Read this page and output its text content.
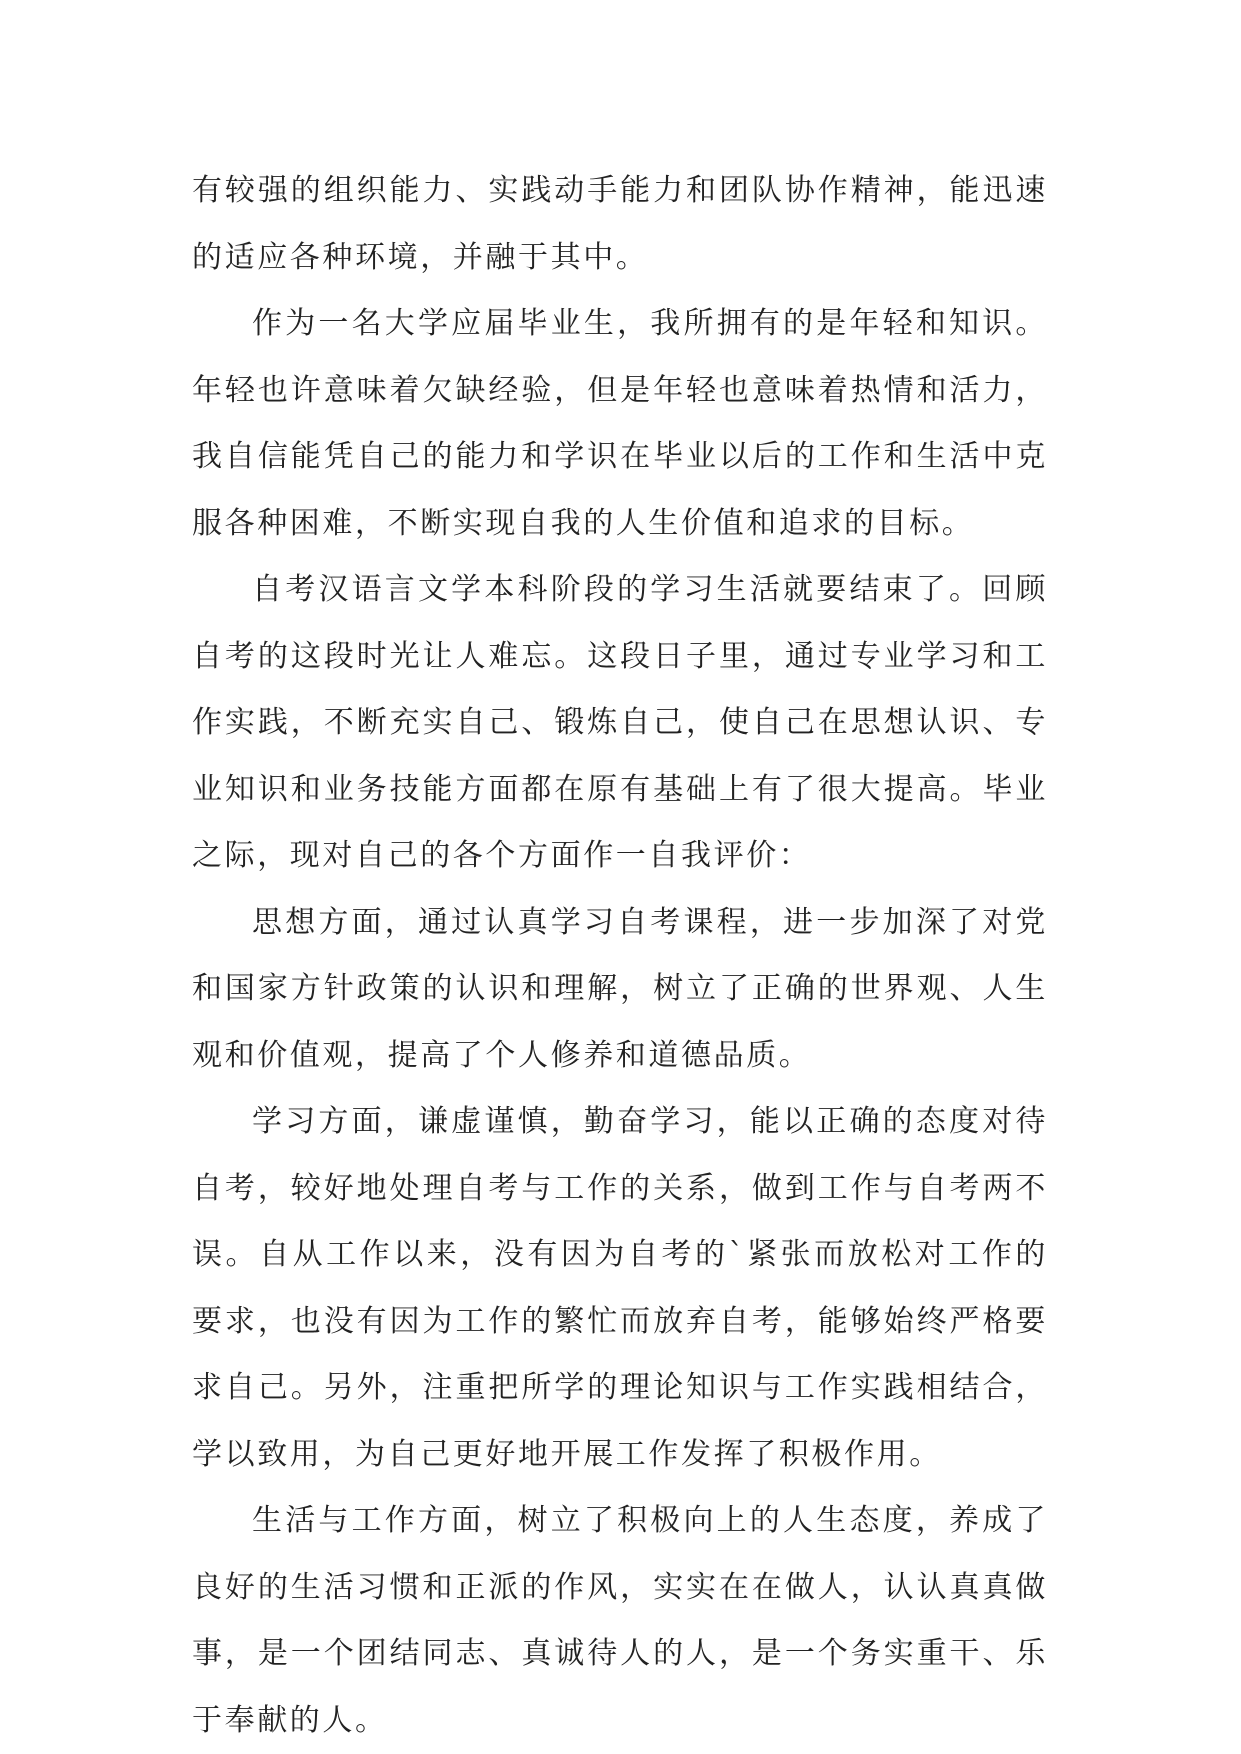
有较强的组织能力、实践动手能力和团队协作精神，能迅速的适应各种环境，并融于其中。

作为一名大学应届毕业生，我所拥有的是年轻和知识。年轻也许意味着欠缺经验，但是年轻也意味着热情和活力，我自信能凭自己的能力和学识在毕业以后的工作和生活中克服各种困难，不断实现自我的人生价值和追求的目标。

自考汉语言文学本科阶段的学习生活就要结束了。回顾自考的这段时光让人难忘。这段日子里，通过专业学习和工作实践，不断充实自己、锻炼自己，使自己在思想认识、专业知识和业务技能方面都在原有基础上有了很大提高。毕业之际，现对自己的各个方面作一自我评价：

思想方面，通过认真学习自考课程，进一步加深了对党和国家方针政策的认识和理解，树立了正确的世界观、人生观和价值观，提高了个人修养和道德品质。

学习方面，谦虚谨慎，勤奋学习，能以正确的态度对待自考，较好地处理自考与工作的关系，做到工作与自考两不误。自从工作以来，没有因为自考的`紧张而放松对工作的要求，也没有因为工作的繁忙而放弃自考，能够始终严格要求自己。另外，注重把所学的理论知识与工作实践相结合，学以致用，为自己更好地开展工作发挥了积极作用。

生活与工作方面，树立了积极向上的人生态度，养成了良好的生活习惯和正派的作风，实实在在做人，认认真真做事，是一个团结同志、真诚待人的人，是一个务实重干、乐于奉献的人。
